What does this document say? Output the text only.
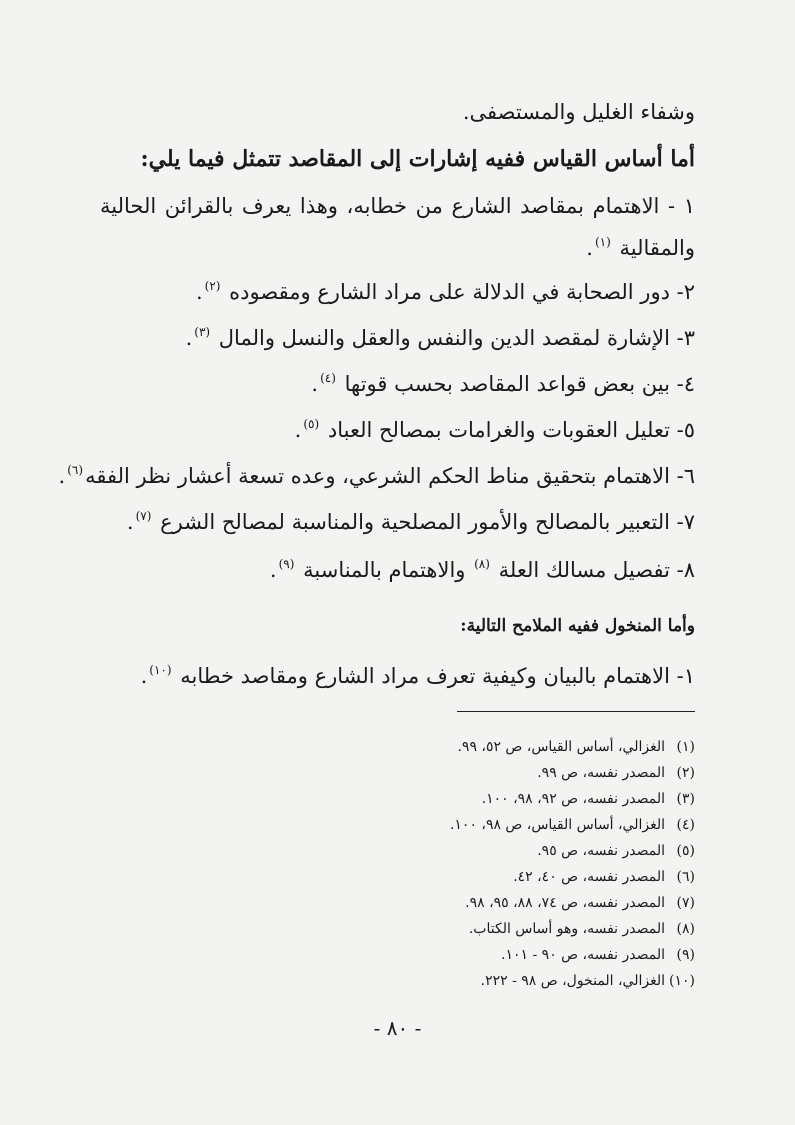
وشفاء الغليل والمستصفى.
أما أساس القياس ففيه إشارات إلى المقاصد تتمثل فيما يلي:
١ - الاهتمام بمقاصد الشارع من خطابه، وهذا يعرف بالقرائن الحالية
والمقالية $^{(١)}$.
٢- دور الصحابة في الدلالة على مراد الشارع ومقصوده $^{(٢)}$.
٣- الإشارة لمقصد الدين والنفس والعقل والنسل والمال $^{(٣)}$.
٤- بين بعض قواعد المقاصد بحسب قوتها $^{(٤)}$.
٥- تعليل العقوبات والغرامات بمصالح العباد $^{(٥)}$.
٦- الاهتمام بتحقيق مناط الحكم الشرعي، وعده تسعة أعشار نظر الفقه$^{(٦)}$.
٧- التعبير بالمصالح والأمور المصلحية والمناسبة لمصالح الشرع $^{(٧)}$.
٨- تفصيل مسالك العلة $^{(٨)}$ والاهتمام بالمناسبة $^{(٩)}$.
وأما المنخول ففيه الملامح التالية:
١- الاهتمام بالبيان وكيفية تعرف مراد الشارع ومقاصد خطابه $^{(١٠)}$.
(١)الغزالي، أساس القياس، ص ٥٢، ٩٩.
(٢)المصدر نفسه، ص ٩٩.
(٣)المصدر نفسه، ص ٩٢، ٩٨، ١٠٠.
(٤)الغزالي، أساس القياس، ص ٩٨، ١٠٠.
(٥)المصدر نفسه، ص ٩٥.
(٦)المصدر نفسه، ص ٤٠، ٤٢.
(٧)المصدر نفسه، ص ٧٤، ٨٨، ٩٥، ٩٨.
(٨)المصدر نفسه، وهو أساس الكتاب.
(٩)المصدر نفسه، ص ٩٠ - ١٠١.
(١٠)الغزالي، المنخول، ص ٩٨ - ٢٢٢.
- ٨٠ -
